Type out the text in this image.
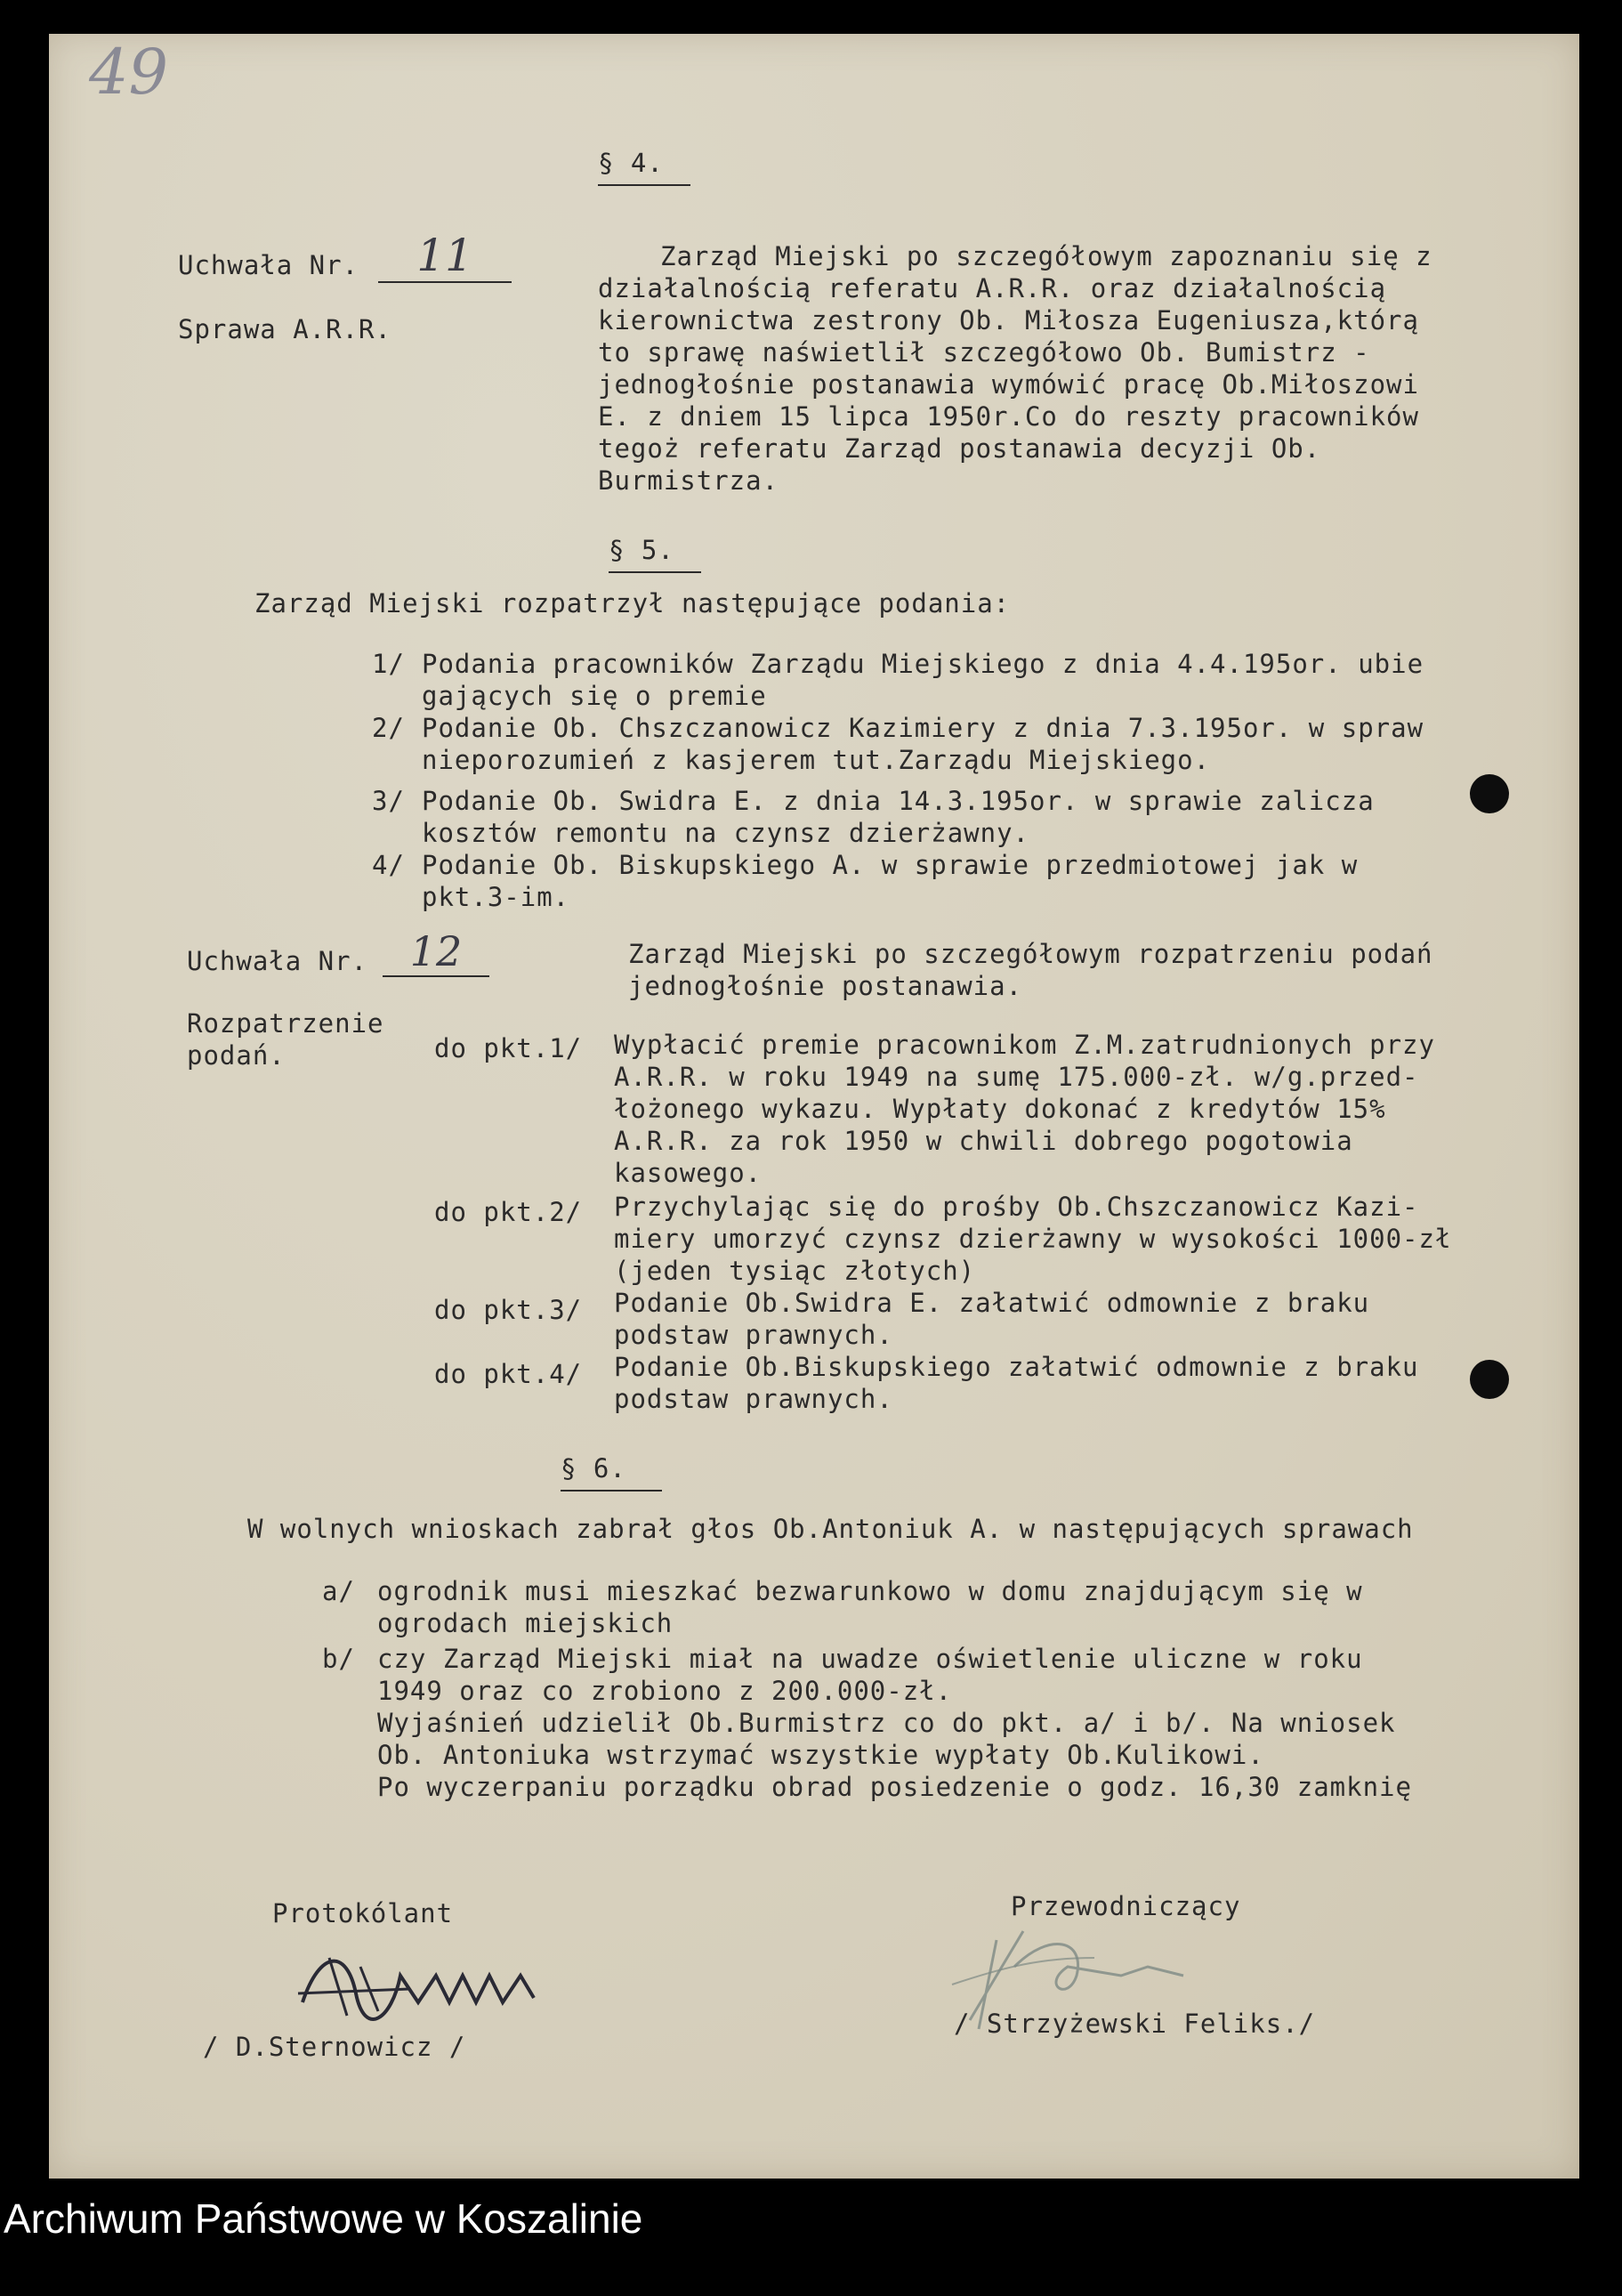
49
§ 4.
Uchwała Nr.	11
Sprawa A.R.R.
Zarząd Miejski po szczegółowym zapoznaniu się z
działalnością referatu A.R.R. oraz działalnością
kierownictwa zestrony Ob. Miłosza Eugeniusza,którą
to sprawę naświetlił szczegółowo Ob. Bumistrz -
jednogłośnie postanawia wymówić pracę Ob.Miłoszowi
E. z dniem 15 lipca 1950r.Co do reszty pracowników
tegoż referatu Zarząd postanawia decyzji Ob.
Burmistrza.
§ 5.
Zarząd Miejski rozpatrzył następujące podania:
1/ Podania pracowników Zarządu Miejskiego z dnia 4.4.195or. ubie
gających się o premie
2/ Podanie Ob. Chszczanowicz Kazimiery z dnia 7.3.195or. w spraw
nieporozumień z kasjerem tut.Zarządu Miejskiego.
3/ Podanie Ob. Swidra E. z dnia 14.3.195or. w sprawie zalicza
kosztów remontu na czynsz dzierżawny.
4/ Podanie Ob. Biskupskiego A. w sprawie przedmiotowej jak w
pkt.3-im.
Uchwała Nr.	12	Zarząd Miejski po szczegółowym rozpatrzeniu podań
jednogłośnie postanawia.
Rozpatrzenie
podań.	do pkt.1/ Wypłacić premie pracownikom Z.M.zatrudnionych przy
A.R.R. w roku 1949 na sumę 175.000-zł. w/g.przed-
łożonego wykazu. Wypłaty dokonać z kredytów 15%
A.R.R. za rok 1950 w chwili dobrego pogotowia
kasowego.
do pkt.2/ Przychylając się do prośby Ob.Chszczanowicz Kazi-
miery umorzyć czynsz dzierżawny w wysokości 1000-zł
(jeden tysiąc złotych)
do pkt.3/ Podanie Ob.Swidra E. załatwić odmownie z braku
podstaw prawnych.
do pkt.4/ Podanie Ob.Biskupskiego załatwić odmownie z braku
podstaw prawnych.
§ 6.
W wolnych wnioskach zabrał głos Ob.Antoniuk A. w następujących sprawach
a/ ogrodnik musi mieszkać bezwarunkowo w domu znajdującym się w
ogrodach miejskich
b/ czy Zarząd Miejski miał na uwadze oświetlenie uliczne w roku
1949 oraz co zrobiono z 200.000-zł.
Wyjaśnień udzielił Ob.Burmistrz co do pkt. a/ i b/. Na wniosek
Ob. Antoniuka wstrzymać wszystkie wypłaty Ob.Kulikowi.
Po wyczerpaniu porządku obrad posiedzenie o godz. 16,30 zamknię
Protokólant
/ D.Sternowicz /
Przewodniczący
/ Strzyżewski Feliks./
Archiwum Państwowe w Koszalinie
